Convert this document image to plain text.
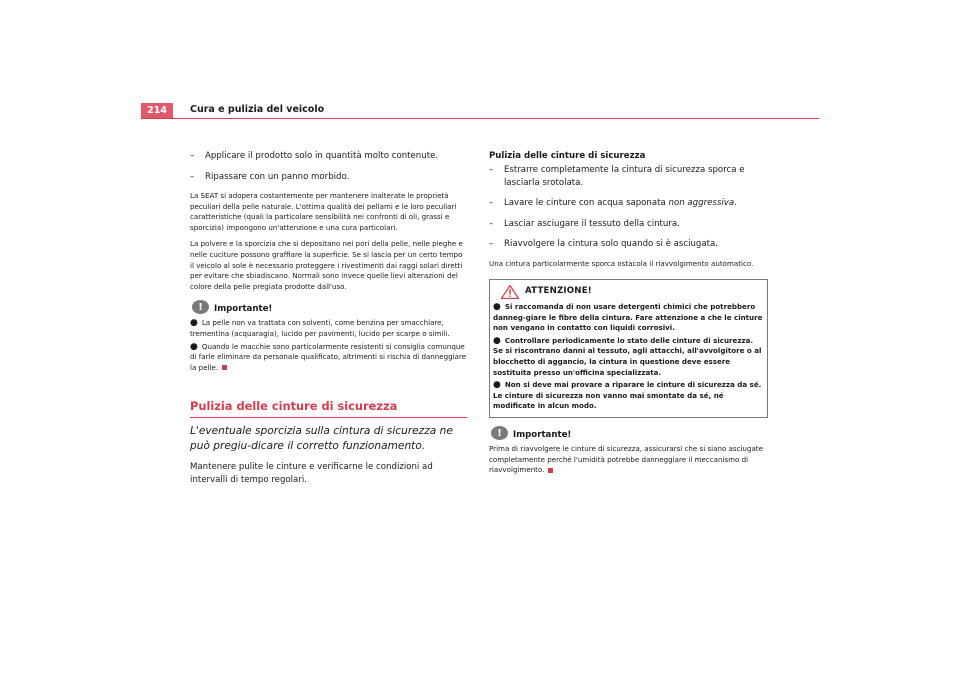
214	Cura e pulizia del veicolo
– Applicare il prodotto solo in quantità molto contenute.
– Ripassare con un panno morbido.

La SEAT si adopera costantemente per mantenere inalterate le proprietà peculiari della pelle naturale. L'ottima qualità dei pellami e le loro peculiari caratteristiche (quali la particolare sensibilità nei confronti di oli, grassi e sporcizia) impongono un'attenzione e una cura particolari.

La polvere e la sporcizia che si depositano nei pori della pelle, nelle pieghe e nelle cuciture possono graffiare la superficie. Se si lascia per un certo tempo il veicolo al sole è necessario proteggere i rivestimenti dai raggi solari diretti per evitare che sbiadiscano. Normali sono invece quelle lievi alterazioni del colore della pelle pregiata prodotte dall'uso.

!	Importante!

● La pelle non va trattata con solventi, come benzina per smacchiare, trementina (acquaragia), lucido per pavimenti, lucido per scarpe o simili.

● Quando le macchie sono particolarmente resistenti si consiglia comunque di farle eliminare da personale qualificato, altrimenti si rischia di danneggiare la pelle.

Pulizia delle cinture di sicurezza
L'eventuale sporcizia sulla cintura di sicurezza ne può pregiu-dicare il corretto funzionamento.
Mantenere pulite le cinture e verificarne le condizioni ad intervalli di tempo regolari.
Pulizia delle cinture di sicurezza
– Estrarre completamente la cintura di sicurezza sporca e lasciarla srotolata.
– Lavare le cinture con acqua saponata non aggressiva.
– Lasciar asciugare il tessuto della cintura.
– Riavvolgere la cintura solo quando si è asciugata.

Una cintura particolarmente sporca ostacola il riavvolgimento automatico.

ATTENZIONE!

● Si raccomanda di non usare detergenti chimici che potrebbero danneg-giare le fibre della cintura. Fare attenzione a che le cinture non vengano in contatto con liquidi corrosivi.

● Controllare periodicamente lo stato delle cinture di sicurezza. Se si riscontrano danni al tessuto, agli attacchi, all'avvolgitore o al blocchetto di aggancio, la cintura in questione deve essere sostituita presso un'officina specializzata.

● Non si deve mai provare a riparare le cinture di sicurezza da sé. Le cinture di sicurezza non vanno mai smontate da sé, né modificate in alcun modo.

!	Importante!

Prima di riavvolgere le cinture di sicurezza, assicurarsi che si siano asciugate completamente perché l'umidità potrebbe danneggiare il meccanismo di riavvolgimento.
